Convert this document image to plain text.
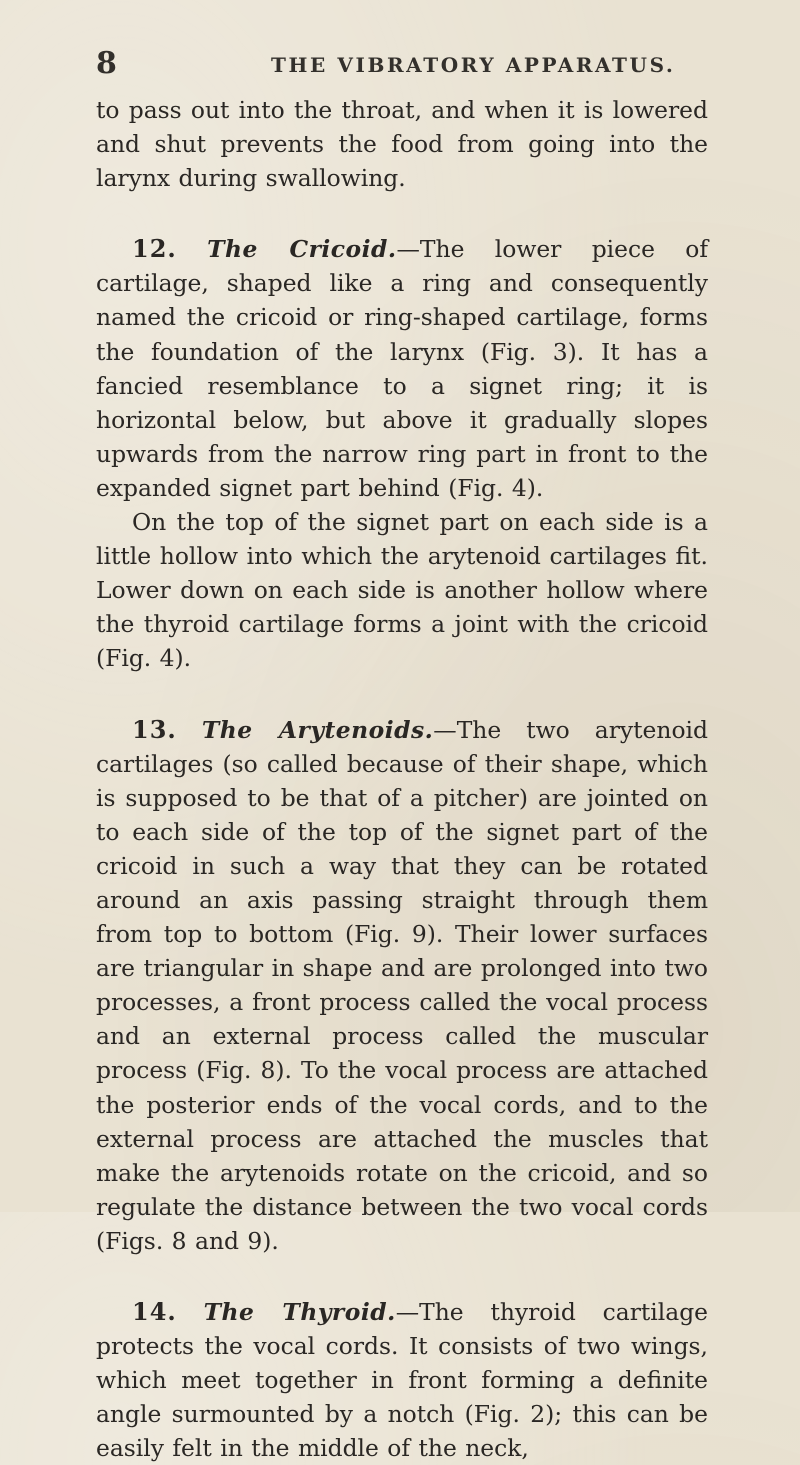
8	THE VIBRATORY APPARATUS.

to pass out into the throat, and when it is lowered and shut prevents the food from going into the larynx during swallowing.

12. The Cricoid.—The lower piece of cartilage, shaped like a ring and consequently named the cricoid or ring-shaped cartilage, forms the foundation of the larynx (Fig. 3). It has a fancied resemblance to a signet ring; it is horizontal below, but above it gradually slopes upwards from the narrow ring part in front to the expanded signet part behind (Fig. 4).

On the top of the signet part on each side is a little hollow into which the arytenoid cartilages fit. Lower down on each side is another hollow where the thyroid cartilage forms a joint with the cricoid (Fig. 4).

13. The Arytenoids.—The two arytenoid cartilages (so called because of their shape, which is supposed to be that of a pitcher) are jointed on to each side of the top of the signet part of the cricoid in such a way that they can be rotated around an axis passing straight through them from top to bottom (Fig. 9). Their lower surfaces are triangular in shape and are prolonged into two processes, a front process called the vocal process and an external process called the muscular process (Fig. 8). To the vocal process are attached the posterior ends of the vocal cords, and to the external process are attached the muscles that make the arytenoids rotate on the cricoid, and so regulate the distance between the two vocal cords (Figs. 8 and 9).

14. The Thyroid.—The thyroid cartilage protects the vocal cords. It consists of two wings, which meet together in front forming a definite angle surmounted by a notch (Fig. 2); this can be easily felt in the middle of the neck,
